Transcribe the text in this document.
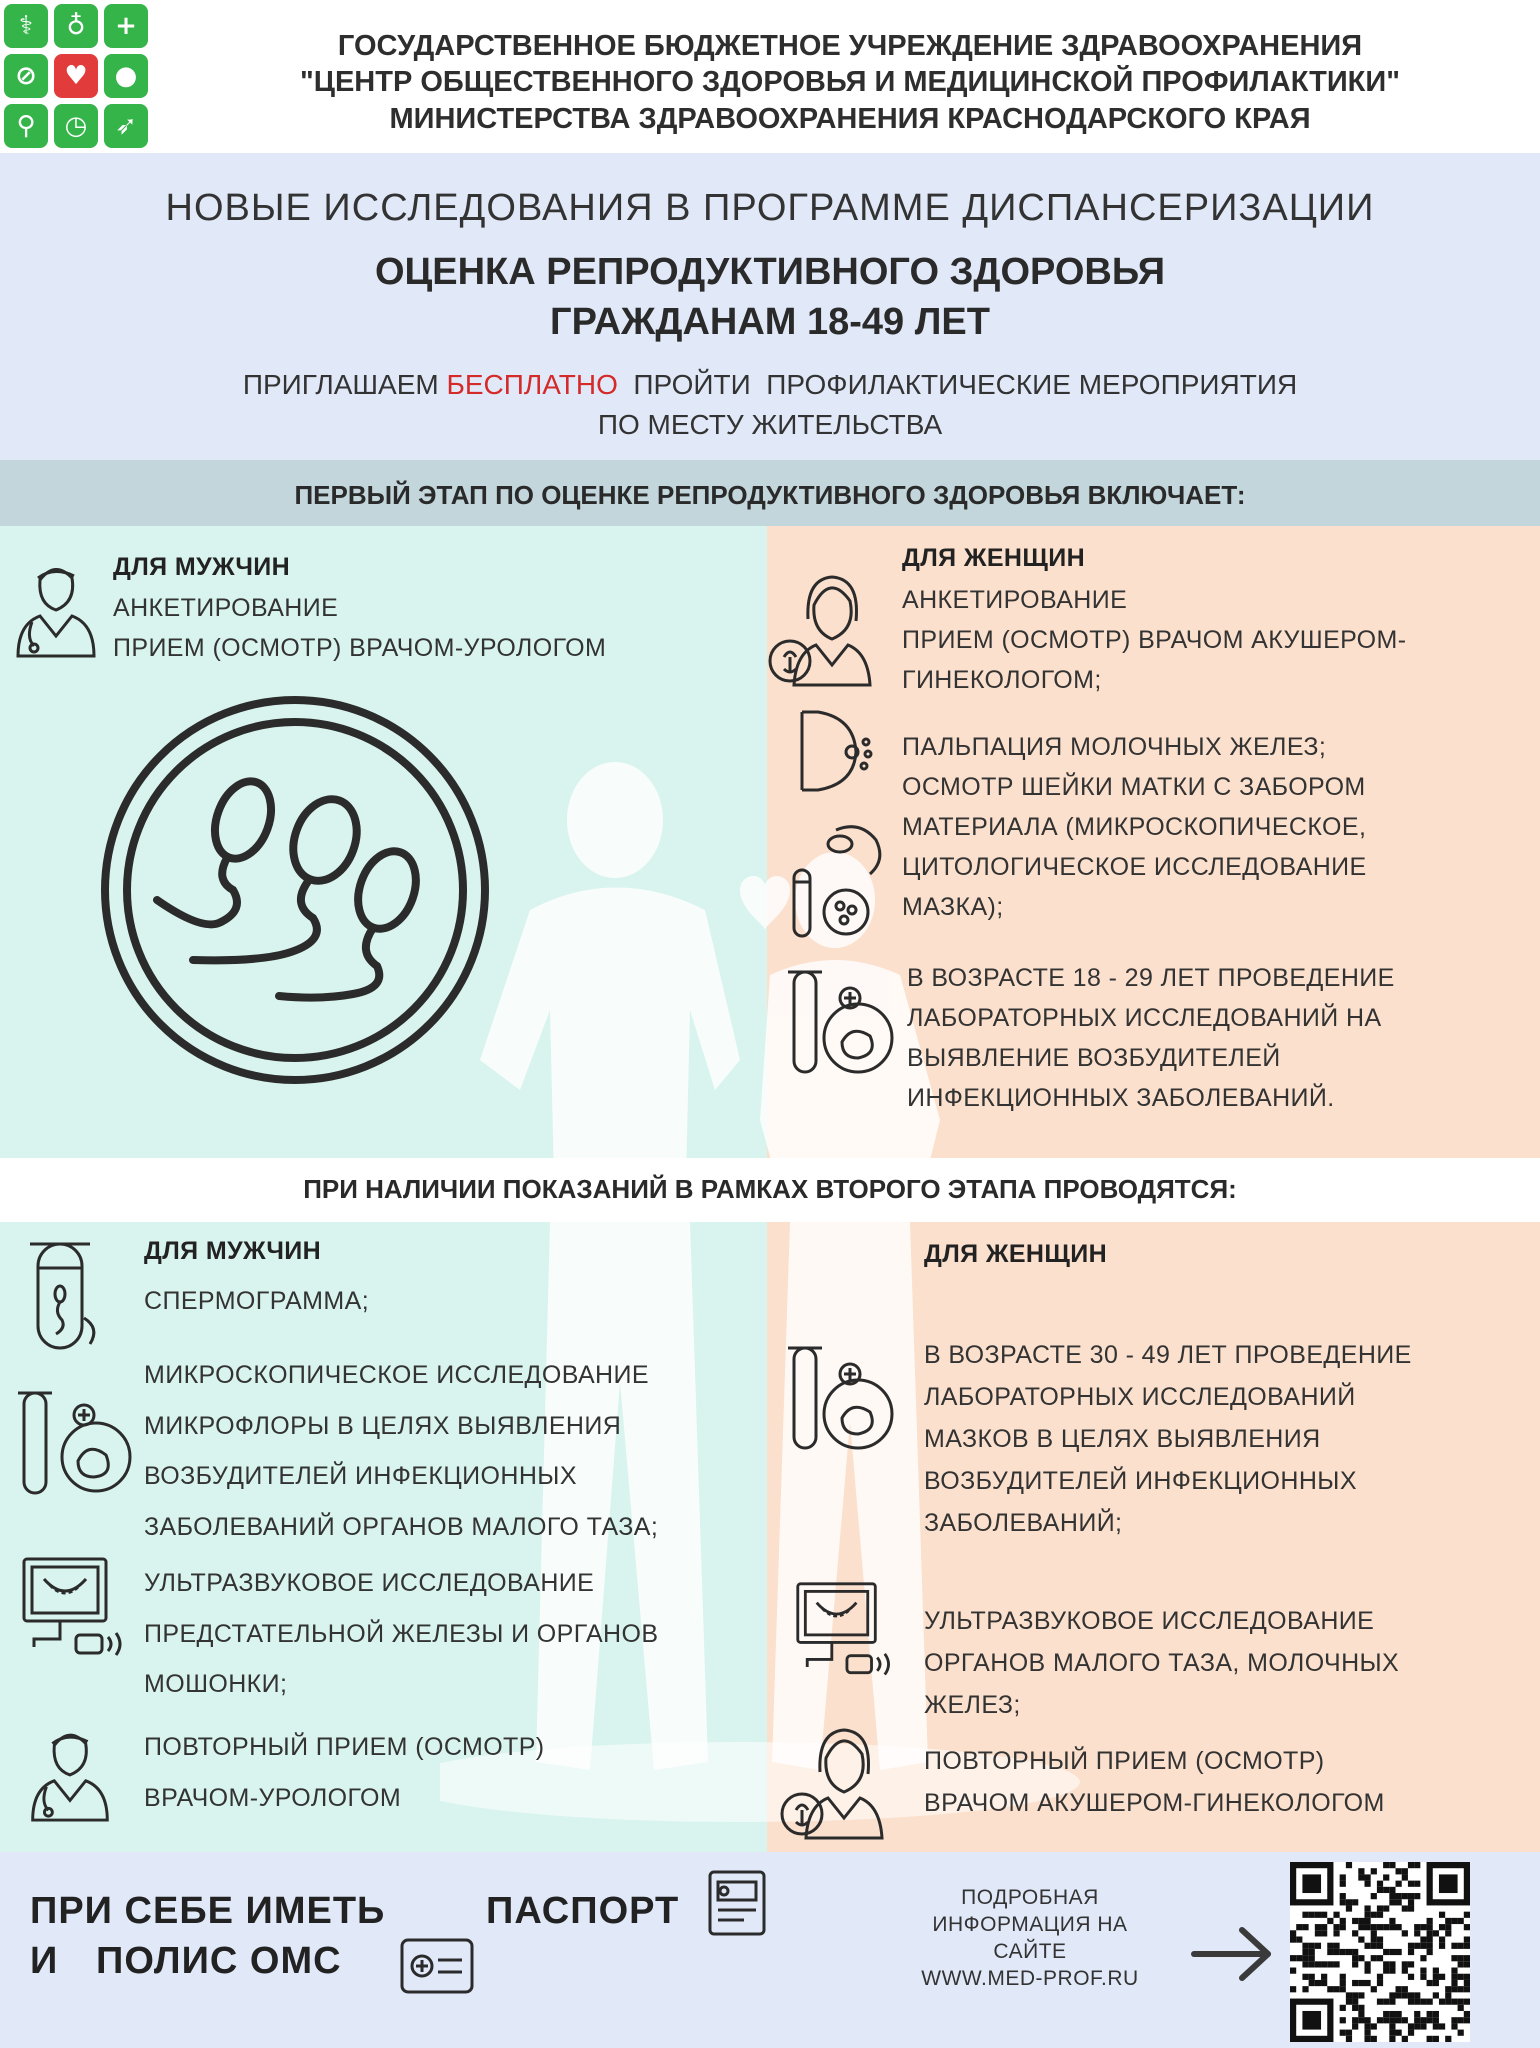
⚕	♁	+
⊘	♥	●
⚲	◷	➶
ГОСУДАРСТВЕННОЕ БЮДЖЕТНОЕ УЧРЕЖДЕНИЕ ЗДРАВООХРАНЕНИЯ
"ЦЕНТР ОБЩЕСТВЕННОГО ЗДОРОВЬЯ И МЕДИЦИНСКОЙ ПРОФИЛАКТИКИ"
МИНИСТЕРСТВА ЗДРАВООХРАНЕНИЯ КРАСНОДАРСКОГО КРАЯ
НОВЫЕ ИССЛЕДОВАНИЯ В ПРОГРАММЕ ДИСПАНСЕРИЗАЦИИ
ОЦЕНКА РЕПРОДУКТИВНОГО ЗДОРОВЬЯ
ГРАЖДАНАМ 18-49 ЛЕТ
ПРИГЛАШАЕМ БЕСПЛАТНО  ПРОЙТИ  ПРОФИЛАКТИЧЕСКИЕ МЕРОПРИЯТИЯ
ПО МЕСТУ ЖИТЕЛЬСТВА
ПЕРВЫЙ ЭТАП ПО ОЦЕНКЕ РЕПРОДУКТИВНОГО ЗДОРОВЬЯ ВКЛЮЧАЕТ:
ДЛЯ МУЖЧИН
АНКЕТИРОВАНИЕ
ПРИЕМ (ОСМОТР) ВРАЧОМ-УРОЛОГОМ
ДЛЯ ЖЕНЩИН
АНКЕТИРОВАНИЕ
ПРИЕМ (ОСМОТР) ВРАЧОМ АКУШЕРОМ-
ГИНЕКОЛОГОМ;
ПАЛЬПАЦИЯ МОЛОЧНЫХ ЖЕЛЕЗ;
ОСМОТР ШЕЙКИ МАТКИ С ЗАБОРОМ
МАТЕРИАЛА (МИКРОСКОПИЧЕСКОЕ,
ЦИТОЛОГИЧЕСКОЕ ИССЛЕДОВАНИЕ
МАЗКА);
В ВОЗРАСТЕ 18 - 29 ЛЕТ ПРОВЕДЕНИЕ
ЛАБОРАТОРНЫХ ИССЛЕДОВАНИЙ НА
ВЫЯВЛЕНИЕ ВОЗБУДИТЕЛЕЙ
ИНФЕКЦИОННЫХ ЗАБОЛЕВАНИЙ.
ПРИ НАЛИЧИИ ПОКАЗАНИЙ В РАМКАХ ВТОРОГО ЭТАПА ПРОВОДЯТСЯ:
ДЛЯ МУЖЧИН
СПЕРМОГРАММА;
МИКРОСКОПИЧЕСКОЕ ИССЛЕДОВАНИЕ
МИКРОФЛОРЫ В ЦЕЛЯХ ВЫЯВЛЕНИЯ
ВОЗБУДИТЕЛЕЙ ИНФЕКЦИОННЫХ
ЗАБОЛЕВАНИЙ ОРГАНОВ МАЛОГО ТАЗА;
УЛЬТРАЗВУКОВОЕ ИССЛЕДОВАНИЕ
ПРЕДСТАТЕЛЬНОЙ ЖЕЛЕЗЫ И ОРГАНОВ
МОШОНКИ;
ПОВТОРНЫЙ ПРИЕМ (ОСМОТР)
ВРАЧОМ-УРОЛОГОМ
ДЛЯ ЖЕНЩИН
В ВОЗРАСТЕ 30 - 49 ЛЕТ ПРОВЕДЕНИЕ
ЛАБОРАТОРНЫХ ИССЛЕДОВАНИЙ
МАЗКОВ В ЦЕЛЯХ ВЫЯВЛЕНИЯ
ВОЗБУДИТЕЛЕЙ ИНФЕКЦИОННЫХ
ЗАБОЛЕВАНИЙ;
УЛЬТРАЗВУКОВОЕ ИССЛЕДОВАНИЕ
ОРГАНОВ МАЛОГО ТАЗА, МОЛОЧНЫХ
ЖЕЛЕЗ;
ПОВТОРНЫЙ ПРИЕМ (ОСМОТР)
ВРАЧОМ АКУШЕРОМ-ГИНЕКОЛОГОМ
ПРИ СЕБЕ ИМЕТЬ	ПАСПОРТ
И ПОЛИС ОМС
ПОДРОБНАЯ
ИНФОРМАЦИЯ НА
САЙТЕ
WWW.MED-PROF.RU
